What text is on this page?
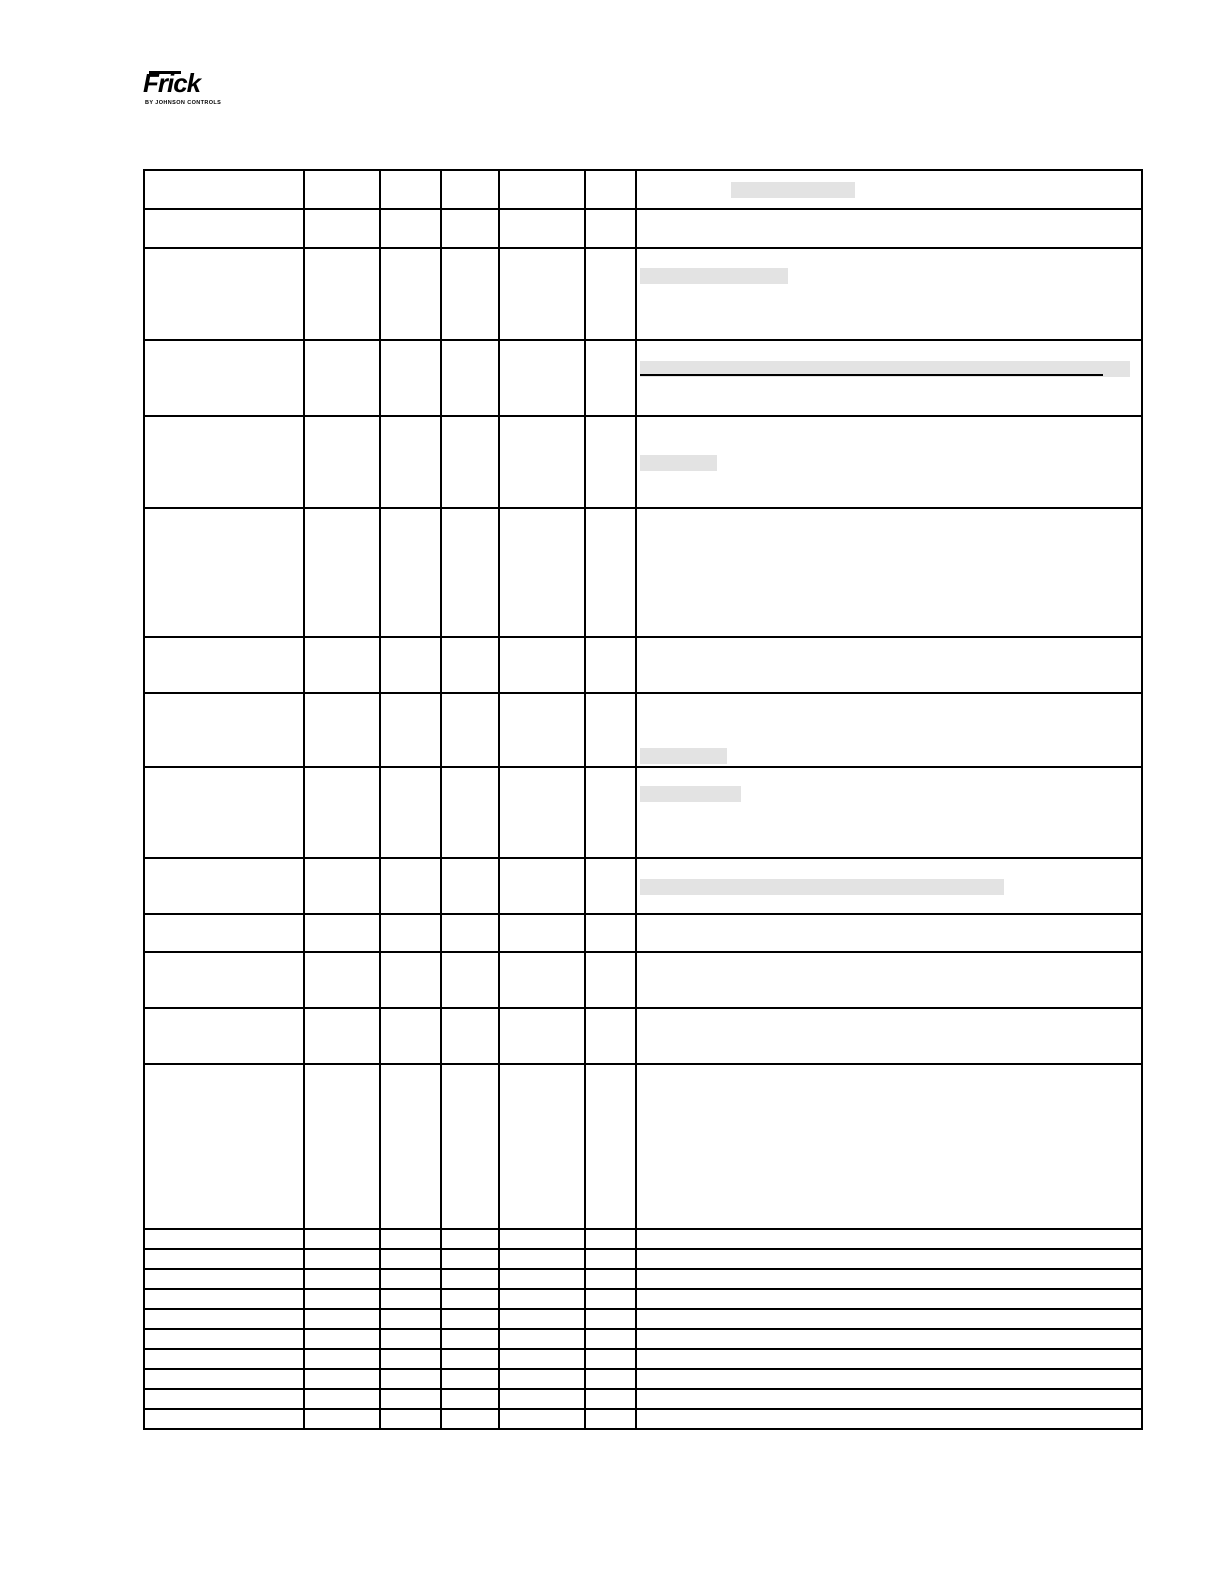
Frick
BY JOHNSON CONTROLS
